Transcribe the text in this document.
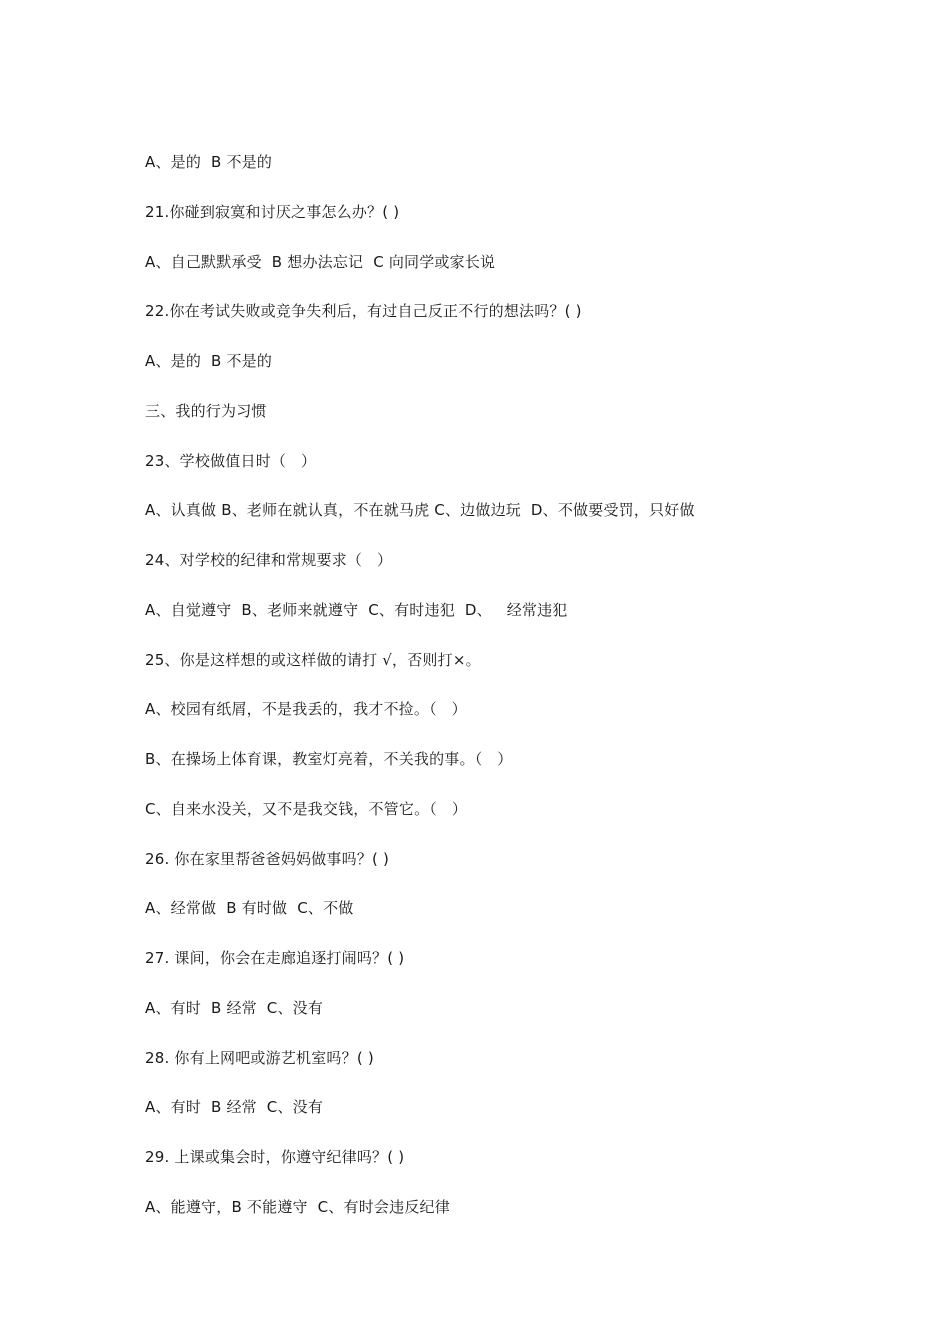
A、是的  B 不是的
21.你碰到寂寞和讨厌之事怎么办？( )
A、自己默默承受  B 想办法忘记  C 向同学或家长说
22.你在考试失败或竞争失利后，有过自己反正不行的想法吗？( )
A、是的  B 不是的
三、我的行为习惯
23、学校做值日时（   ）
A、认真做 B、老师在就认真，不在就马虎 C、边做边玩  D、不做要受罚，只好做
24、对学校的纪律和常规要求（   ）
A、自觉遵守  B、老师来就遵守  C、有时违犯  D、   经常违犯
25、你是这样想的或这样做的请打 √，否则打×。
A、校园有纸屑，不是我丢的，我才不捡。（   ）
B、在操场上体育课，教室灯亮着，不关我的事。（   ）
C、自来水没关，又不是我交钱，不管它。（   ）
26. 你在家里帮爸爸妈妈做事吗？( )
A、经常做  B 有时做  C、不做
27. 课间，你会在走廊追逐打闹吗？( )
A、有时  B 经常  C、没有
28. 你有上网吧或游艺机室吗？( )
A、有时  B 经常  C、没有
29. 上课或集会时，你遵守纪律吗？( )
A、能遵守，B 不能遵守  C、有时会违反纪律
